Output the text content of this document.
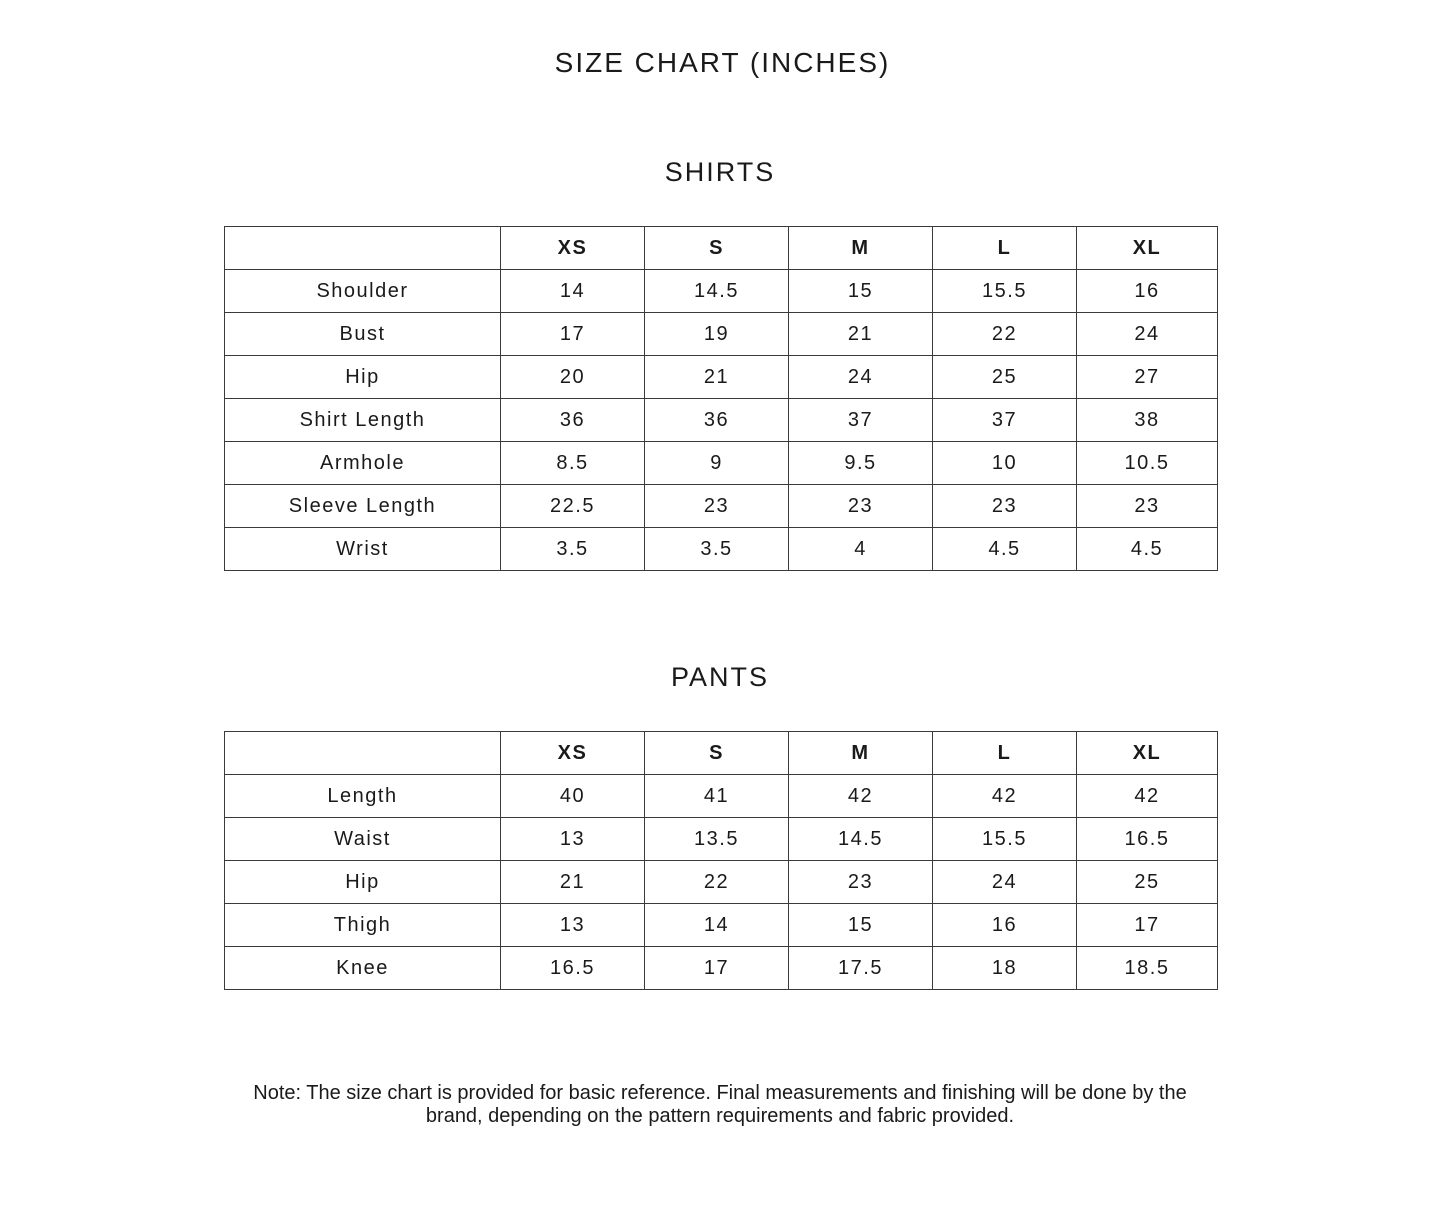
SIZE CHART (INCHES)
SHIRTS
	XS	S	M	L	XL
Shoulder	14	14.5	15	15.5	16
Bust	17	19	21	22	24
Hip	20	21	24	25	27
Shirt Length	36	36	37	37	38
Armhole	8.5	9	9.5	10	10.5
Sleeve Length	22.5	23	23	23	23
Wrist	3.5	3.5	4	4.5	4.5
PANTS
	XS	S	M	L	XL
Length	40	41	42	42	42
Waist	13	13.5	14.5	15.5	16.5
Hip	21	22	23	24	25
Thigh	13	14	15	16	17
Knee	16.5	17	17.5	18	18.5
Note: The size chart is provided for basic reference. Final measurements and finishing will be done by the
brand, depending on the pattern requirements and fabric provided.
